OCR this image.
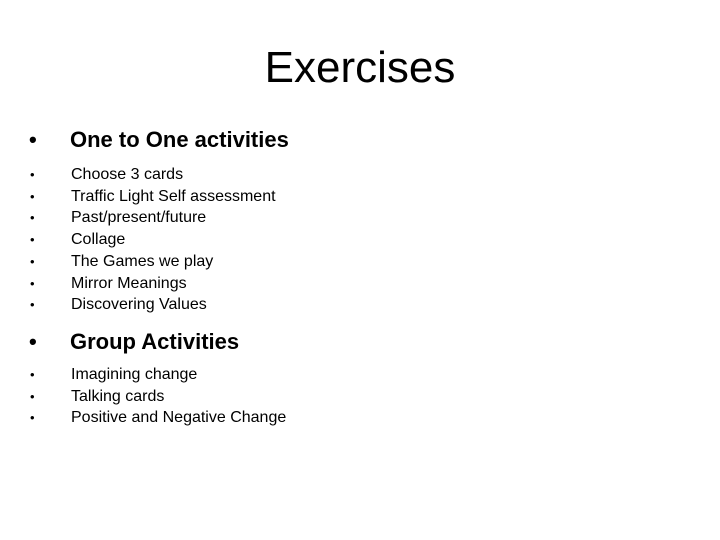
Exercises
•	One to One activities
•	Choose 3 cards
•	Traffic Light Self assessment
•	Past/present/future
•	Collage
•	The Games we play
•	Mirror Meanings
•	Discovering Values
•	Group Activities
•	Imagining change
•	Talking cards
•	Positive and Negative Change
